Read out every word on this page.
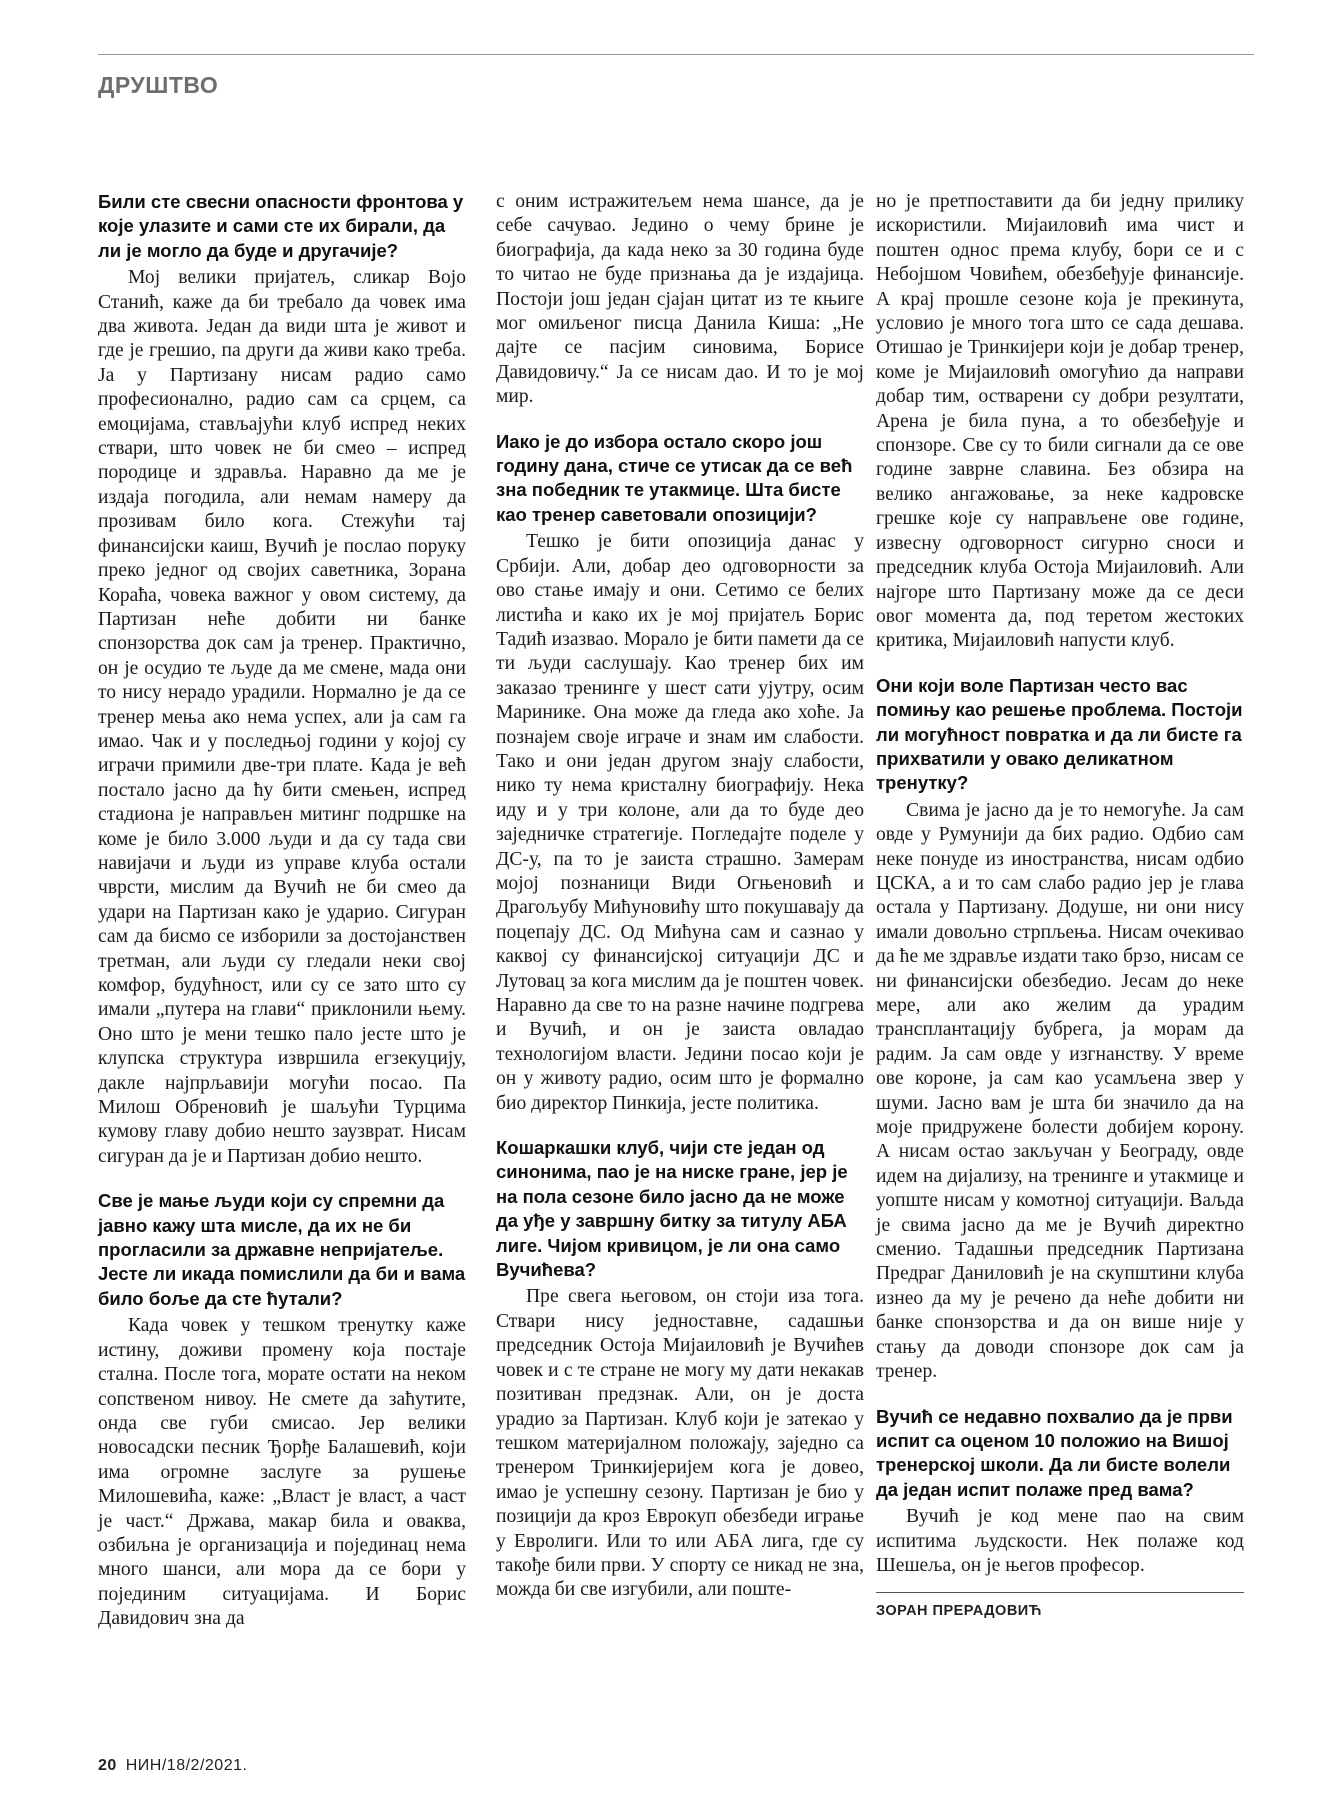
ДРУШТВО

Били сте свесни опасности фронтова у које улазите и сами сте их бирали, да ли је могло да буде и другачије?

Мој велики пријатељ, сликар Војо Станић, каже да би требало да човек има два живота. Један да види шта је живот и где је грешио, па други да живи како треба. Ја у Партизану нисам радио само професионално, радио сам са срцем, са емоцијама, стављајући клуб испред неких ствари, што човек не би смео – испред породице и здравља. Наравно да ме је издаја погодила, али немам намеру да прозивам било кога. Стежући тај финансијски каиш, Вучић је послао поруку преко једног од својих саветника, Зорана Корaћа, човека важног у овом систему, да Партизан неће добити ни банке спонзорства док сам ја тренер. Практично, он је осудио те људе да ме смене, мада они то нису нерадо урадили. Нормално је да се тренер мења ако нема успех, али ја сам га имао. Чак и у последњој години у којој су играчи примили две-три плате. Када је већ постало јасно да ћу бити смењен, испред стадиона је направљен митинг подршке на коме је било 3.000 људи и да су тада сви навијачи и људи из управе клуба остали чврсти, мислим да Вучић не би смео да удари на Партизан како је ударио. Сигуран сам да бисмо се изборили за достојанствен третман, али људи су гледали неки свој комфор, будућност, или су се зато што су имали „путера на глави“ приклонили њему. Оно што је мени тешко пало јесте што је клупска структура извршила егзекуцију, дакле најпрљавији могући посао. Па Милош Обреновић је шаљући Турцима кумову главу добио нешто заузврат. Нисам сигуран да је и Партизан добио нешто.

Све је мање људи који су спремни да јавно кажу шта мисле, да их не би прогласили за државне непријатеље. Јесте ли икада помислили да би и вама било боље да сте ћутали?

Када човек у тешком тренутку каже истину, доживи промену која постаје стална. После тога, морате остати на неком сопственом нивоу. Не смете да заћутите, онда све губи смисао. Јер велики новосадски песник Ђорђе Балашевић, који има огромне заслуге за рушење Милошевића, каже: „Власт је власт, а част је част.“ Држава, макар била и оваква, озбиљна је организација и појединац нема много шанси, али мора да се бори у појединим ситуацијама. И Борис Давидович зна да

с оним истражитељем нема шансе, да је себе сачувао. Једино о чему брине је биографија, да када неко за 30 година буде то читао не буде признања да је издајица. Постоји још један сјајан цитат из те књиге мог омиљеног писца Данила Киша: „Не дајте се пасјим синовима, Борисе Давидовичу.“ Ја се нисам дао. И то је мој мир.

Иако је до избора остало скоро још годину дана, стиче се утисак да се већ зна победник те утакмице. Шта бисте као тренер саветовали опозицији?

Тешко је бити опозиција данас у Србији. Али, добар део одговорности за ово стање имају и они. Сетимо се белих листића и како их је мој пријатељ Борис Тадић изазвао. Морало је бити памети да се ти људи саслушају. Као тренер бих им заказао тренинге у шест сати ујутру, осим Маринике. Она може да гледа ако хоће. Ја познајем своје играче и знам им слабости. Тако и они један другом знају слабости, нико ту нема кристалну биографију. Нека иду и у три колоне, али да то буде део заједничке стратегије. Погледајте поделе у ДС-у, па то је заиста страшно. Замерам мојој познаници Види Огњеновић и Драгољубу Мићуновићу што покушавају да поцепају ДС. Од Мићуна сам и сазнао у каквој су финансијској ситуацији ДС и Лутовац за кога мислим да је поштен човек. Наравно да све то на разне начине подгрева и Вучић, и он је заиста овладао технологијом власти. Једини посао који је он у животу радио, осим што је формално био директор Пинкија, јесте политика.

Кошаркашки клуб, чији сте један од синонима, пао је на ниске гране, јер је на пола сезоне било јасно да не може да уђе у завршну битку за титулу АБА лиге. Чијом кривицом, је ли она само Вучићева?

Пре свега његовом, он стоји иза тога. Ствари нису једноставне, садашњи председник Остоја Мијаиловић је Вучићев човек и с те стране не могу му дати некакав позитиван предзнак. Али, он је доста урадио за Партизан. Клуб који је затекао у тешком материјалном положају, заједно са тренером Тринкијеријем кога је довео, имао је успешну сезону. Партизан је био у позицији да кроз Еврокуп обезбеди играње у Евролиги. Или то или АБА лига, где су такође били први. У спорту се никад не зна, можда би све изгубили, али поште-

но је претпоставити да би једну прилику искористили. Мијаиловић има чист и поштен однос према клубу, бори се и с Небојшом Човићем, обезбеђује финансије. А крај прошле сезоне која је прекинута, условио је много тога што се сада дешава. Отишао је Тринкијери који је добар тренер, коме је Мијаиловић омогућио да направи добар тим, остварени су добри резултати, Арена је била пуна, а то обезбеђује и спонзоре. Све су то били сигнали да се ове године заврне славина. Без обзира на велико ангажовање, за неке кадровске грешке које су направљене ове године, извесну одговорност сигурно сноси и председник клуба Остоја Мијаиловић. Али најгоре што Партизану може да се деси овог момента да, под теретом жестоких критика, Мијаиловић напусти клуб.

Они који воле Партизан често вас помињу као решење проблема. Постоји ли могућност повратка и да ли бисте га прихватили у овако деликатном тренутку?

Свима је јасно да је то немогуће. Ја сам овде у Румунији да бих радио. Одбио сам неке понуде из иностранства, нисам одбио ЦСКА, а и то сам слабо радио јер је глава остала у Партизану. Додуше, ни они нису имали довољно стрпљења. Нисам очекивао да ће ме здравље издати тако брзо, нисам се ни финансијски обезбедио. Јесам до неке мере, али ако желим да урадим трансплантацију бубрега, ја морам да радим. Ја сам овде у изгнанству. У време ове короне, ја сам као усамљена звер у шуми. Јасно вам је шта би значило да на моје придружене болести добијем корону. А нисам остао закључан у Београду, овде идем на дијализу, на тренинге и утакмице и уопште нисам у комотној ситуацији. Ваљда је свима јасно да ме је Вучић директно сменио. Тадашњи председник Партизана Предраг Даниловић је на скупштини клуба изнео да му је речено да неће добити ни банке спонзорства и да он више није у стању да доводи спонзоре док сам ја тренер.

Вучић се недавно похвалио да је први испит са оценом 10 положио на Вишој тренерској школи. Да ли бисте волели да један испит полаже пред вама?

Вучић је код мене пао на свим испитима људскости. Нек полаже код Шешеља, он је његов професор.

ЗОРАН ПРЕРАДОВИЋ

20 НИН/18/2/2021.
